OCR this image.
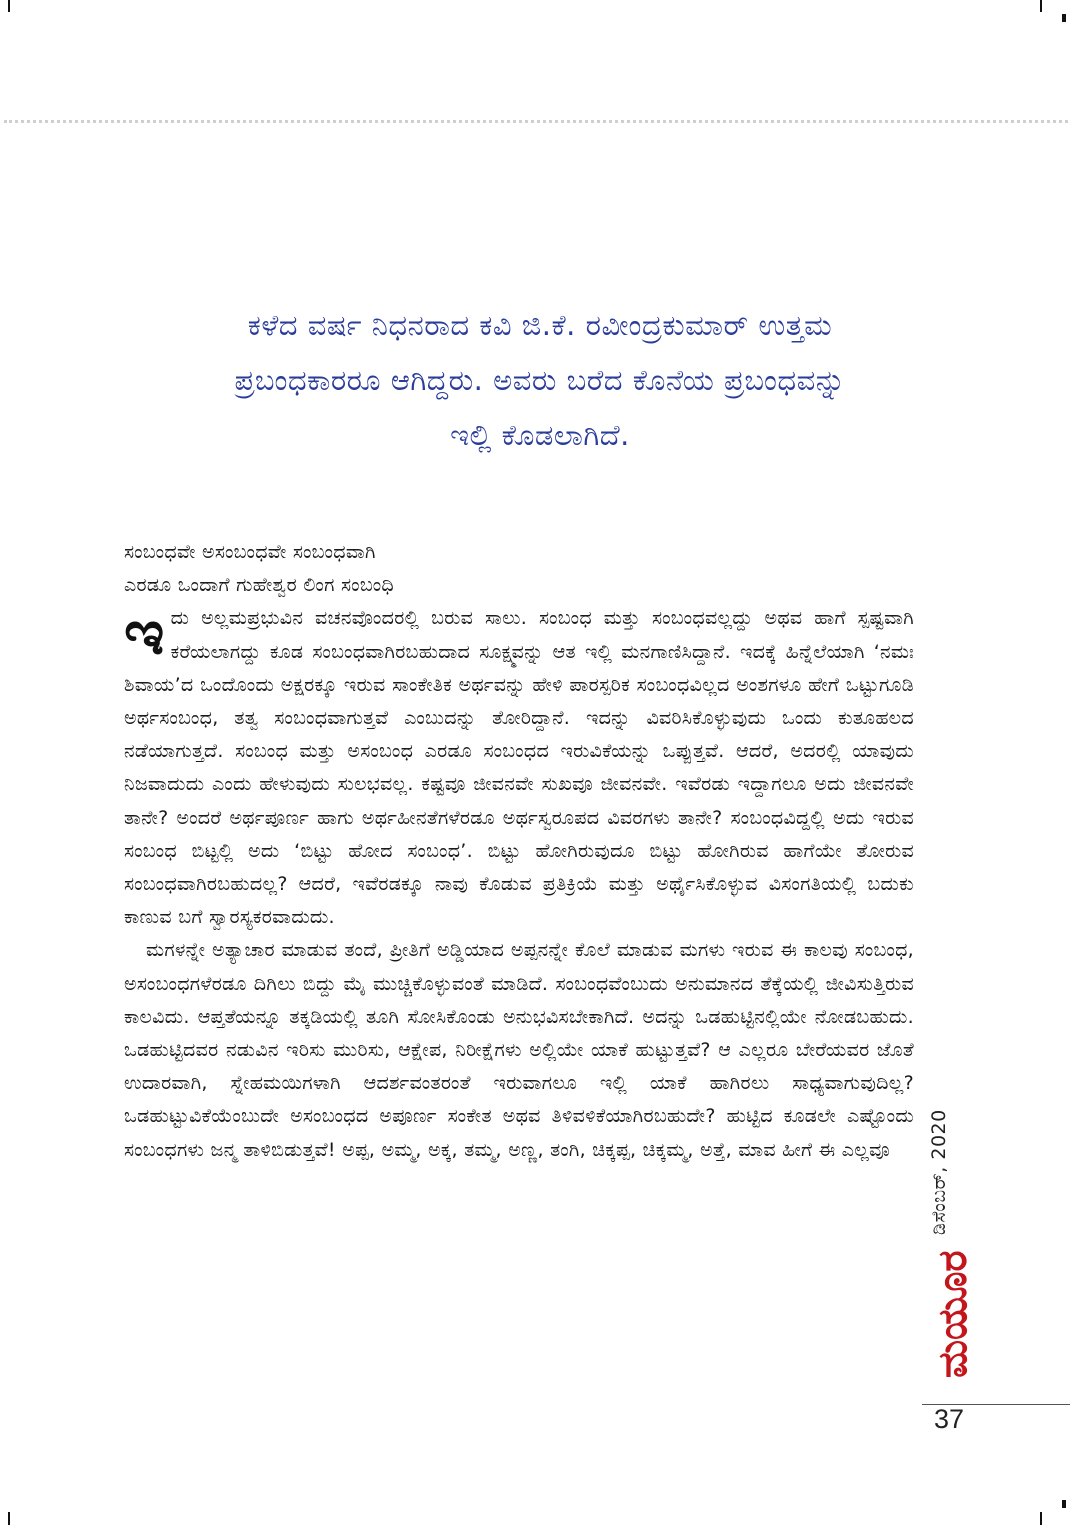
ಕಳೆದ ವರ್ಷ ನಿಧನರಾದ ಕವಿ ಜಿ.ಕೆ. ರವೀಂದ್ರಕುಮಾರ್ ಉತ್ತಮ

ಪ್ರಬಂಧಕಾರರೂ ಆಗಿದ್ದರು. ಅವರು ಬರೆದ ಕೊನೆಯ ಪ್ರಬಂಧವನ್ನು

ಇಲ್ಲಿ ಕೊಡಲಾಗಿದೆ.

ಸಂಬಂಧವೇ ಅಸಂಬಂಧವೇ ಸಂಬಂಧವಾಗಿ

ಎರಡೂ ಒಂದಾಗೆ ಗುಹೇಶ್ವರ ಲಿಂಗ ಸಂಬಂಧಿ

ಇದು ಅಲ್ಲಮಪ್ರಭುವಿನ ವಚನವೊಂದರಲ್ಲಿ ಬರುವ ಸಾಲು. ಸಂಬಂಧ ಮತ್ತು ಸಂಬಂಧವಲ್ಲದ್ದು ಅಥವ ಹಾಗೆ ಸ್ಪಷ್ಟವಾಗಿ ಕರೆಯಲಾಗದ್ದು ಕೂಡ ಸಂಬಂಧವಾಗಿರಬಹುದಾದ ಸೂಕ್ಷ್ಮವನ್ನು ಆತ ಇಲ್ಲಿ ಮನಗಾಣಿಸಿದ್ದಾನೆ. ಇದಕ್ಕೆ ಹಿನ್ನೆಲೆಯಾಗಿ ‘ನಮಃ ಶಿವಾಯ’ದ ಒಂದೊಂದು ಅಕ್ಷರಕ್ಕೂ ಇರುವ ಸಾಂಕೇತಿಕ ಅರ್ಥವನ್ನು ಹೇಳಿ ಪಾರಸ್ಪರಿಕ ಸಂಬಂಧವಿಲ್ಲದ ಅಂಶಗಳೂ ಹೇಗೆ ಒಟ್ಟುಗೂಡಿ ಅರ್ಥಸಂಬಂಧ, ತತ್ವ ಸಂಬಂಧವಾಗುತ್ತವೆ ಎಂಬುದನ್ನು ತೋರಿದ್ದಾನೆ. ಇದನ್ನು ವಿವರಿಸಿಕೊಳ್ಳುವುದು ಒಂದು ಕುತೂಹಲದ ನಡೆಯಾಗುತ್ತದೆ. ಸಂಬಂಧ ಮತ್ತು ಅಸಂಬಂಧ ಎರಡೂ ಸಂಬಂಧದ ಇರುವಿಕೆಯನ್ನು ಒಪ್ಪುತ್ತವೆ. ಆದರೆ, ಅದರಲ್ಲಿ ಯಾವುದು ನಿಜವಾದುದು ಎಂದು ಹೇಳುವುದು ಸುಲಭವಲ್ಲ. ಕಷ್ಟವೂ ಜೀವನವೇ ಸುಖವೂ ಜೀವನವೇ. ಇವೆರಡು ಇದ್ದಾಗಲೂ ಅದು ಜೀವನವೇ ತಾನೇ? ಅಂದರೆ ಅರ್ಥಪೂರ್ಣ ಹಾಗು ಅರ್ಥಹೀನತೆಗಳೆರಡೂ ಅರ್ಥಸ್ವರೂಪದ ವಿವರಗಳು ತಾನೇ? ಸಂಬಂಧವಿದ್ದಲ್ಲಿ ಅದು ಇರುವ ಸಂಬಂಧ ಬಿಟ್ಟಲ್ಲಿ ಅದು ‘ಬಿಟ್ಟು ಹೋದ ಸಂಬಂಧ’. ಬಿಟ್ಟು ಹೋಗಿರುವುದೂ ಬಿಟ್ಟು ಹೋಗಿರುವ ಹಾಗೆಯೇ ತೋರುವ ಸಂಬಂಧವಾಗಿರಬಹುದಲ್ಲ? ಆದರೆ, ಇವೆರಡಕ್ಕೂ ನಾವು ಕೊಡುವ ಪ್ರತಿಕ್ರಿಯೆ ಮತ್ತು ಅರ್ಥೈಸಿಕೊಳ್ಳುವ ವಿಸಂಗತಿಯಲ್ಲಿ ಬದುಕು ಕಾಣುವ ಬಗೆ ಸ್ವಾರಸ್ಯಕರವಾದುದು.

ಮಗಳನ್ನೇ ಅತ್ಯಾಚಾರ ಮಾಡುವ ತಂದೆ, ಪ್ರೀತಿಗೆ ಅಡ್ಡಿಯಾದ ಅಪ್ಪನನ್ನೇ ಕೊಲೆ ಮಾಡುವ ಮಗಳು ಇರುವ ಈ ಕಾಲವು ಸಂಬಂಧ, ಅಸಂಬಂಧಗಳೆರಡೂ ದಿಗಿಲು ಬಿದ್ದು ಮೈ ಮುಚ್ಚಿಕೊಳ್ಳುವಂತೆ ಮಾಡಿದೆ. ಸಂಬಂಧವೆಂಬುದು ಅನುಮಾನದ ತೆಕ್ಕೆಯಲ್ಲಿ ಜೀವಿಸುತ್ತಿರುವ ಕಾಲವಿದು. ಆಪ್ತತೆಯನ್ನೂ ತಕ್ಕಡಿಯಲ್ಲಿ ತೂಗಿ ಸೋಸಿಕೊಂಡು ಅನುಭವಿಸಬೇಕಾಗಿದೆ. ಅದನ್ನು ಒಡಹುಟ್ಟಿನಲ್ಲಿಯೇ ನೋಡಬಹುದು. ಒಡಹುಟ್ಟಿದವರ ನಡುವಿನ ಇರಿಸು ಮುರಿಸು, ಆಕ್ಷೇಪ, ನಿರೀಕ್ಷೆಗಳು ಅಲ್ಲಿಯೇ ಯಾಕೆ ಹುಟ್ಟುತ್ತವೆ? ಆ ಎಲ್ಲರೂ ಬೇರೆಯವರ ಜೊತೆ ಉದಾರವಾಗಿ, ಸ್ನೇಹಮಯಿಗಳಾಗಿ ಆದರ್ಶವಂತರಂತೆ ಇರುವಾಗಲೂ ಇಲ್ಲಿ ಯಾಕೆ ಹಾಗಿರಲು ಸಾಧ್ಯವಾಗುವುದಿಲ್ಲ? ಒಡಹುಟ್ಟುವಿಕೆಯೆಂಬುದೇ ಅಸಂಬಂಧದ ಅಪೂರ್ಣ ಸಂಕೇತ ಅಥವ ತಿಳಿವಳಿಕೆಯಾಗಿರಬಹುದೇ? ಹುಟ್ಟಿದ ಕೂಡಲೇ ಎಷ್ಟೊಂದು ಸಂಬಂಧಗಳು ಜನ್ಮ ತಾಳಿಬಿಡುತ್ತವೆ! ಅಪ್ಪ, ಅಮ್ಮ, ಅಕ್ಕ, ತಮ್ಮ, ಅಣ್ಣ, ತಂಗಿ, ಚಿಕ್ಕಪ್ಪ, ಚಿಕ್ಕಮ್ಮ, ಅತ್ತೆ, ಮಾವ ಹೀಗೆ ಈ ಎಲ್ಲವೂ	ಡಿಸೆಂಬರ್, 2020
ಮಯೂರ
37
